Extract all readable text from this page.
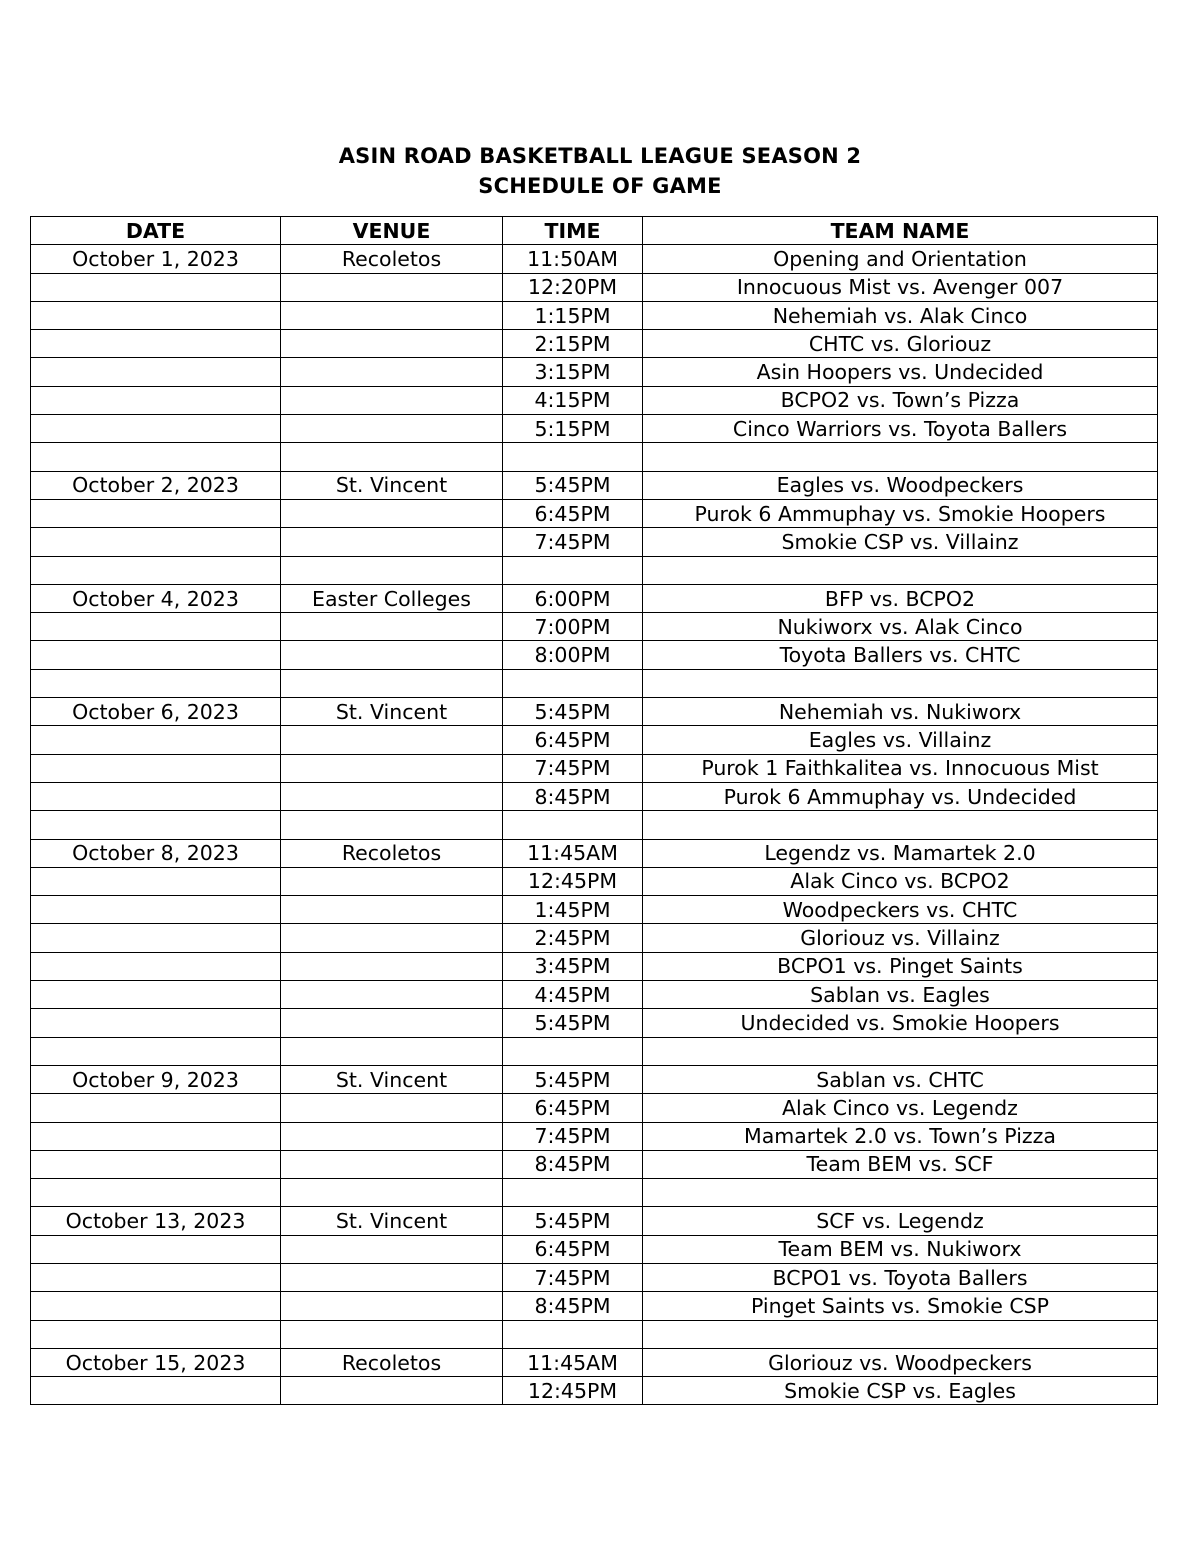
ASIN ROAD BASKETBALL LEAGUE SEASON 2
SCHEDULE OF GAME
DATE	VENUE	TIME	TEAM NAME
October 1, 2023	Recoletos	11:50AM	Opening and Orientation
		12:20PM	Innocuous Mist vs. Avenger 007
		1:15PM	Nehemiah vs. Alak Cinco
		2:15PM	CHTC vs. Gloriouz
		3:15PM	Asin Hoopers vs. Undecided
		4:15PM	BCPO2 vs. Town’s Pizza
		5:15PM	Cinco Warriors vs. Toyota Ballers

October 2, 2023	St. Vincent	5:45PM	Eagles vs. Woodpeckers
		6:45PM	Purok 6 Ammuphay vs. Smokie Hoopers
		7:45PM	Smokie CSP vs. Villainz

October 4, 2023	Easter Colleges	6:00PM	BFP vs. BCPO2
		7:00PM	Nukiworx vs. Alak Cinco
		8:00PM	Toyota Ballers vs. CHTC

October 6, 2023	St. Vincent	5:45PM	Nehemiah vs. Nukiworx
		6:45PM	Eagles vs. Villainz
		7:45PM	Purok 1 Faithkalitea vs. Innocuous Mist
		8:45PM	Purok 6 Ammuphay vs. Undecided

October 8, 2023	Recoletos	11:45AM	Legendz vs. Mamartek 2.0
		12:45PM	Alak Cinco vs. BCPO2
		1:45PM	Woodpeckers vs. CHTC
		2:45PM	Gloriouz vs. Villainz
		3:45PM	BCPO1 vs. Pinget Saints
		4:45PM	Sablan vs. Eagles
		5:45PM	Undecided vs. Smokie Hoopers

October 9, 2023	St. Vincent	5:45PM	Sablan vs. CHTC
		6:45PM	Alak Cinco vs. Legendz
		7:45PM	Mamartek 2.0 vs. Town’s Pizza
		8:45PM	Team BEM vs. SCF

October 13, 2023	St. Vincent	5:45PM	SCF vs. Legendz
		6:45PM	Team BEM vs. Nukiworx
		7:45PM	BCPO1 vs. Toyota Ballers
		8:45PM	Pinget Saints vs. Smokie CSP

October 15, 2023	Recoletos	11:45AM	Gloriouz vs. Woodpeckers
		12:45PM	Smokie CSP vs. Eagles
